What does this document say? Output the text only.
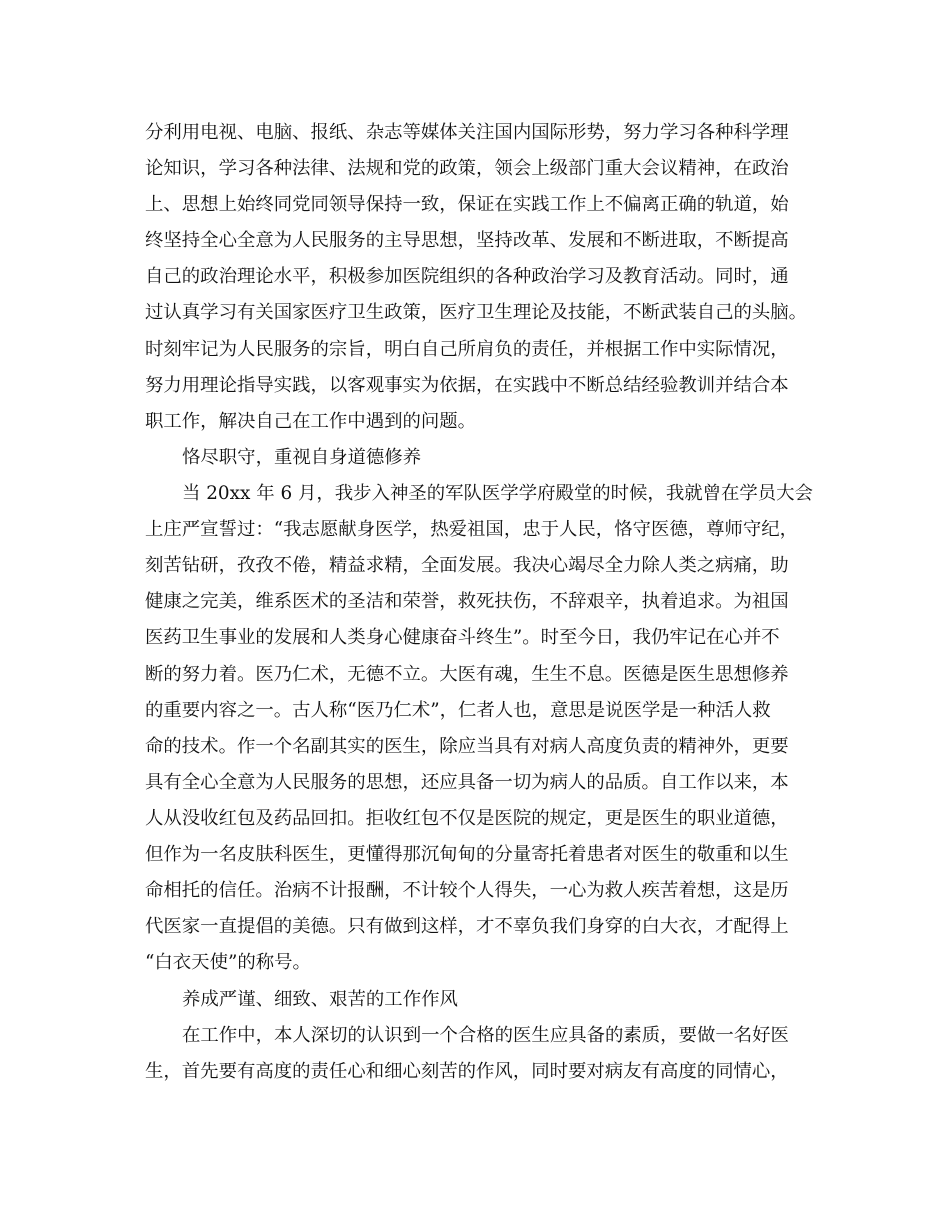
分利用电视、电脑、报纸、杂志等媒体关注国内国际形势，努力学习各种科学理

论知识，学习各种法律、法规和党的政策，领会上级部门重大会议精神，在政治

上、思想上始终同党同领导保持一致，保证在实践工作上不偏离正确的轨道，始

终坚持全心全意为人民服务的主导思想，坚持改革、发展和不断进取，不断提高

自己的政治理论水平，积极参加医院组织的各种政治学习及教育活动。同时，通

过认真学习有关国家医疗卫生政策，医疗卫生理论及技能，不断武装自己的头脑。

时刻牢记为人民服务的宗旨，明白自己所肩负的责任，并根据工作中实际情况，

努力用理论指导实践，以客观事实为依据，在实践中不断总结经验教训并结合本

职工作，解决自己在工作中遇到的问题。

恪尽职守，重视自身道德修养

当 20xx 年 6 月，我步入神圣的军队医学学府殿堂的时候，我就曾在学员大会

上庄严宣誓过：“我志愿献身医学，热爱祖国，忠于人民，恪守医德，尊师守纪，

刻苦钻研，孜孜不倦，精益求精，全面发展。我决心竭尽全力除人类之病痛，助

健康之完美，维系医术的圣洁和荣誉，救死扶伤，不辞艰辛，执着追求。为祖国

医药卫生事业的发展和人类身心健康奋斗终生”。时至今日，我仍牢记在心并不

断的努力着。医乃仁术，无德不立。大医有魂，生生不息。医德是医生思想修养

的重要内容之一。古人称“医乃仁术”，仁者人也，意思是说医学是一种活人救

命的技术。作一个名副其实的医生，除应当具有对病人高度负责的精神外，更要

具有全心全意为人民服务的思想，还应具备一切为病人的品质。自工作以来，本

人从没收红包及药品回扣。拒收红包不仅是医院的规定，更是医生的职业道德，

但作为一名皮肤科医生，更懂得那沉甸甸的分量寄托着患者对医生的敬重和以生

命相托的信任。治病不计报酬，不计较个人得失，一心为救人疾苦着想，这是历

代医家一直提倡的美德。只有做到这样，才不辜负我们身穿的白大衣，才配得上

“白衣天使”的称号。

养成严谨、细致、艰苦的工作作风

在工作中，本人深切的认识到一个合格的医生应具备的素质，要做一名好医

生，首先要有高度的责任心和细心刻苦的作风，同时要对病友有高度的同情心，
